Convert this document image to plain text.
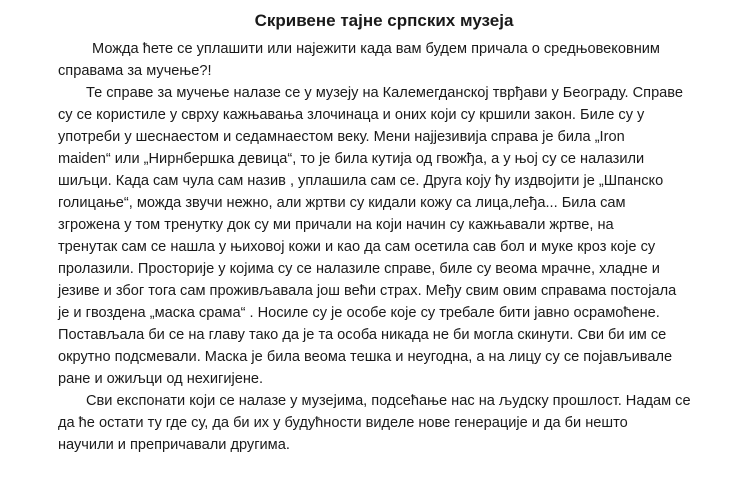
Скривене тајне српских музеја
Можда ћете се уплашити или најежити када вам будем причала о средњовековним
справама за мучење?!
Те справе за мучење налазе се у музеју на Калемегданској тврђави у Београду. Справе
су се користиле у сврху кажњавања злочинаца и оних који су кршили закон. Биле су у
употреби у шеснаестом и седамнаестом веку. Мени најјезивија справа је била „Iron
maiden“ или „Нирнбершка девица“, то је била кутија од гвожђа, а у њој су се налазили
шиљци. Када сам чула сам назив , уплашила сам се. Друга коју ћу издвојити је „Шпанско
голицање“, можда звучи нежно, али жртви су кидали кожу са лица,леђа... Била сам
згрожена у том тренутку док су ми причали на који начин су кажњавали жртве, на
тренутак сам се нашла у њиховој кожи и као да сам осетила сав бол и муке кроз које су
пролазили. Просторије у којима су се налазиле справе, биле су веома мрачне, хладне и
језиве и због тога сам проживљавала још већи страх. Међу свим овим справама постојала
је и гвоздена „маска срама“ . Носиле су је особе које су требале бити јавно осрамоћене.
Постављала би се на главу тако да је та особа никада не би могла скинути. Сви би им се
окрутно подсмевали. Маска је била веома тешка и неугодна, а на лицу су се појављивале
ране и ожиљци од нехигијене.
Сви експонати који се налазе у музејима, подсећање нас на људску прошлост. Надам се
да ће остати ту где су, да би их у будућности виделе нове генерације и да би нешто
научили и препричавали другима.
